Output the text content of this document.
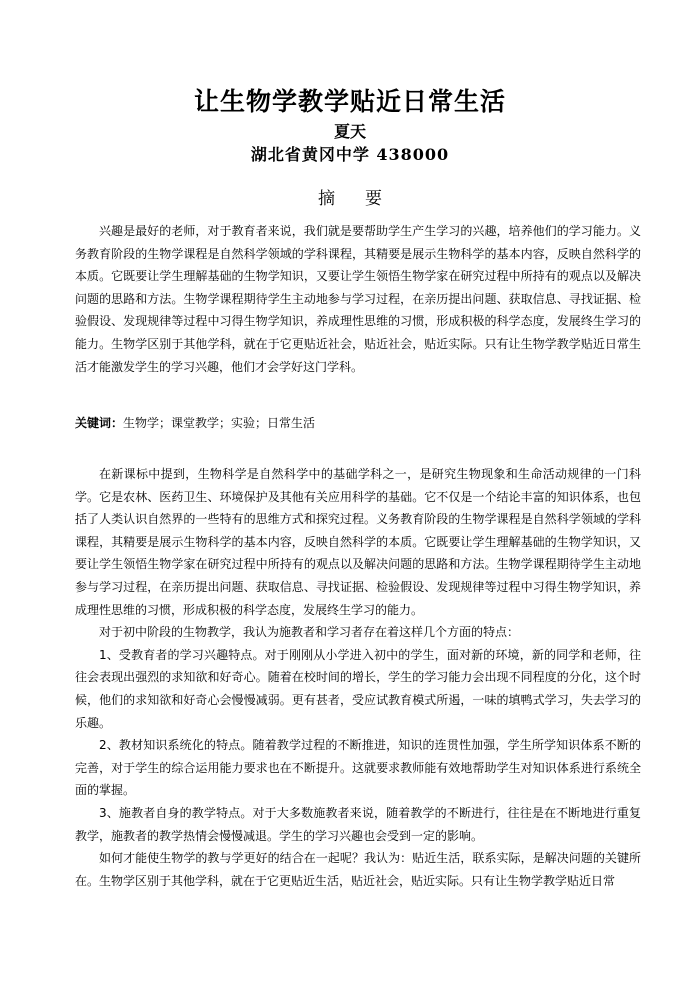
让生物学教学贴近日常生活
夏天
湖北省黄冈中学 438000
摘要

兴趣是最好的老师，对于教育者来说，我们就是要帮助学生产生学习的兴趣，培养他们的学习能力。义务教育阶段的生物学课程是自然科学领域的学科课程，其精要是展示生物科学的基本内容，反映自然科学的本质。它既要让学生理解基础的生物学知识，又要让学生领悟生物学家在研究过程中所持有的观点以及解决问题的思路和方法。生物学课程期待学生主动地参与学习过程，在亲历提出问题、获取信息、寻找证据、检验假设、发现规律等过程中习得生物学知识，养成理性思维的习惯，形成积极的科学态度，发展终生学习的能力。生物学区别于其他学科，就在于它更贴近社会，贴近社会，贴近实际。只有让生物学教学贴近日常生活才能激发学生的学习兴趣，他们才会学好这门学科。

关键词：生物学；课堂教学；实验；日常生活

在新课标中提到，生物科学是自然科学中的基础学科之一，是研究生物现象和生命活动规律的一门科学。它是农林、医药卫生、环境保护及其他有关应用科学的基础。它不仅是一个结论丰富的知识体系，也包括了人类认识自然界的一些特有的思维方式和探究过程。义务教育阶段的生物学课程是自然科学领域的学科课程，其精要是展示生物科学的基本内容，反映自然科学的本质。它既要让学生理解基础的生物学知识，又要让学生领悟生物学家在研究过程中所持有的观点以及解决问题的思路和方法。生物学课程期待学生主动地参与学习过程，在亲历提出问题、获取信息、寻找证据、检验假设、发现规律等过程中习得生物学知识，养成理性思维的习惯，形成积极的科学态度，发展终生学习的能力。

对于初中阶段的生物教学，我认为施教者和学习者存在着这样几个方面的特点：

1、受教育者的学习兴趣特点。对于刚刚从小学进入初中的学生，面对新的环境，新的同学和老师，往往会表现出强烈的求知欲和好奇心。随着在校时间的增长，学生的学习能力会出现不同程度的分化，这个时候，他们的求知欲和好奇心会慢慢减弱。更有甚者，受应试教育模式所遏，一味的填鸭式学习，失去学习的乐趣。

2、教材知识系统化的特点。随着教学过程的不断推进，知识的连贯性加强，学生所学知识体系不断的完善，对于学生的综合运用能力要求也在不断提升。这就要求教师能有效地帮助学生对知识体系进行系统全面的掌握。

3、施教者自身的教学特点。对于大多数施教者来说，随着教学的不断进行，往往是在不断地进行重复教学，施教者的教学热情会慢慢减退。学生的学习兴趣也会受到一定的影响。

如何才能使生物学的教与学更好的结合在一起呢？我认为：贴近生活，联系实际，是解决问题的关键所在。生物学区别于其他学科，就在于它更贴近生活，贴近社会，贴近实际。只有让生物学教学贴近日常
